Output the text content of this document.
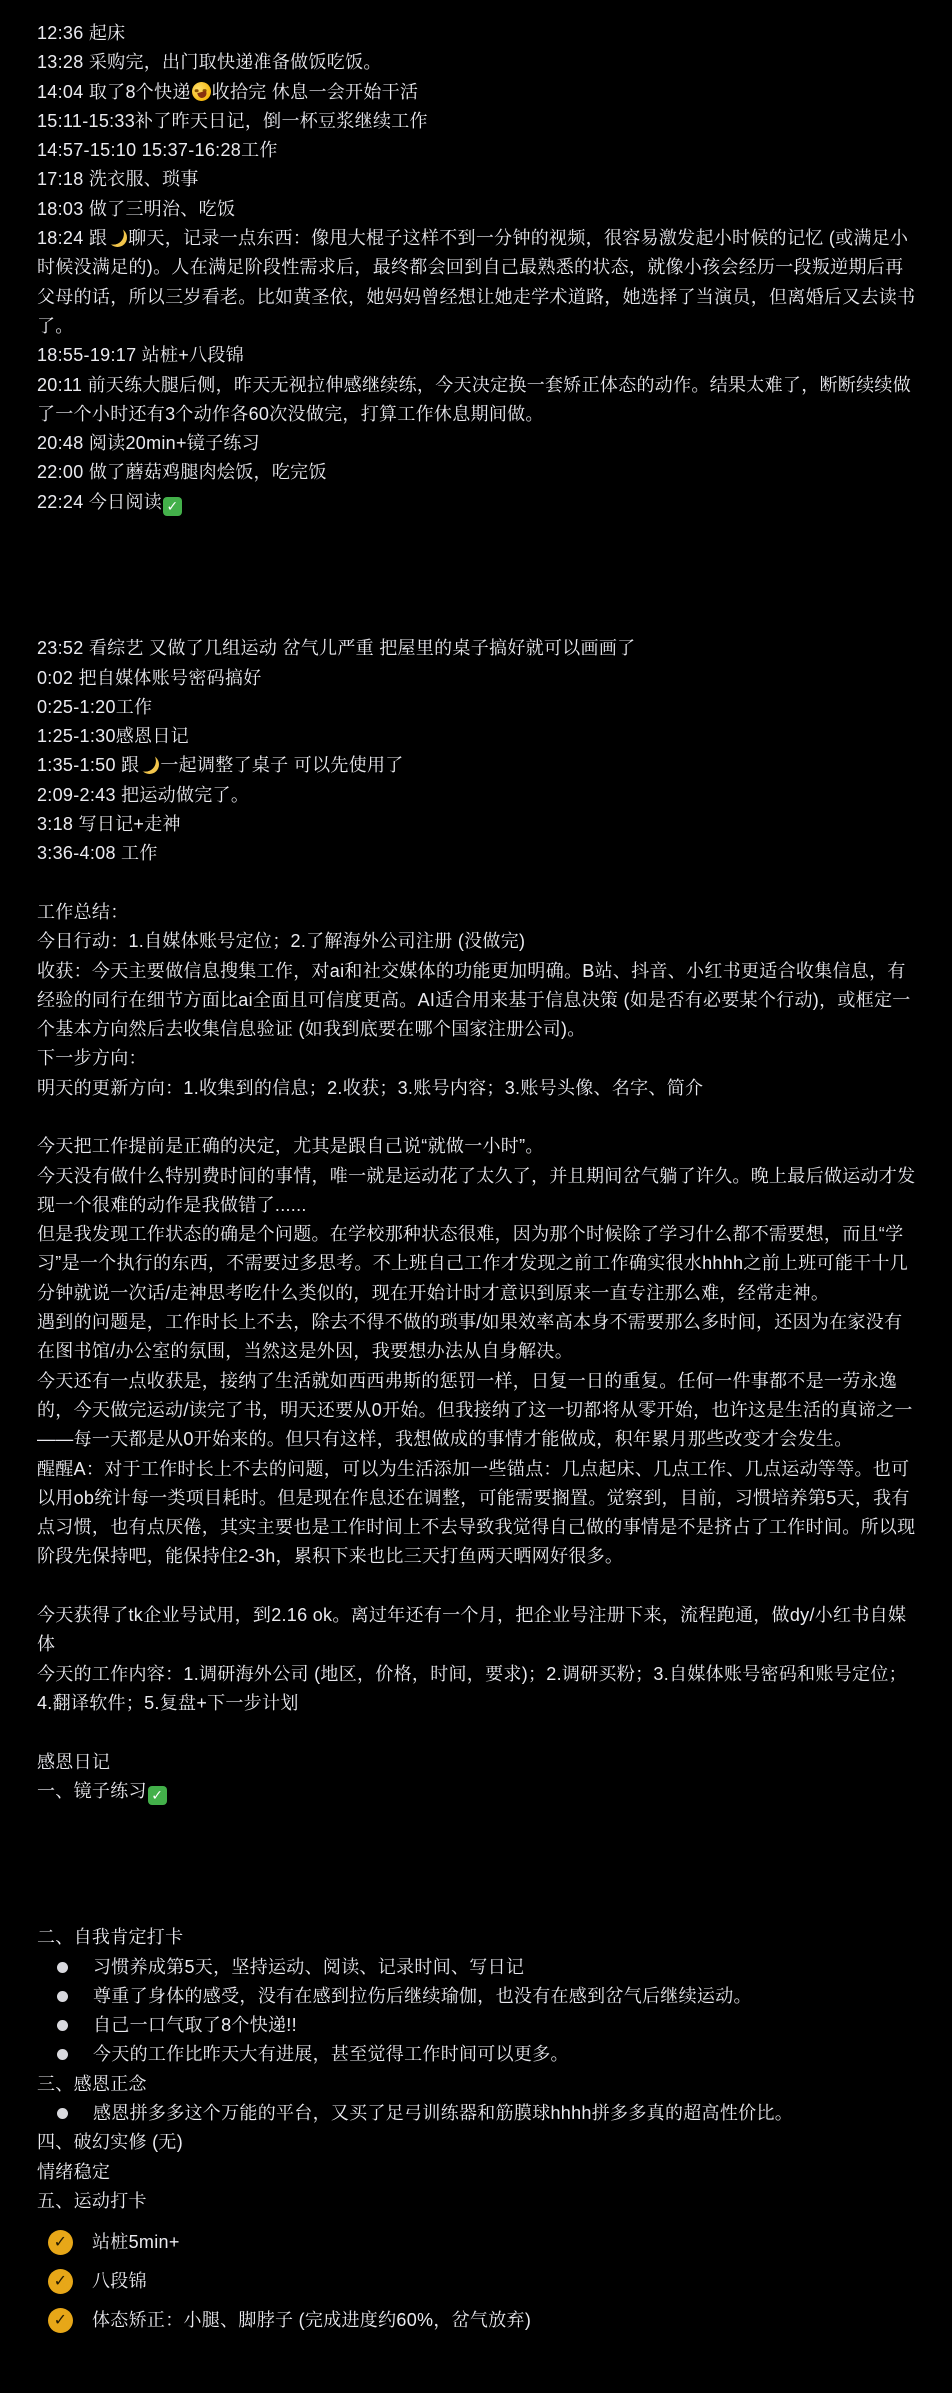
12:36 起床
13:28 采购完，出门取快递准备做饭吃饭。
14:04 取了8个快递 收拾完 休息一会开始干活
15:11-15:33补了昨天日记，倒一杯豆浆继续工作
14:57-15:10 15:37-16:28工作
17:18 洗衣服、琐事
18:03 做了三明治、吃饭
18:24 跟 聊天，记录一点东西：像甩大棍子这样不到一分钟的视频，很容易激发起小时候的记忆 (或满足小时候没满足的)。人在满足阶段性需求后，最终都会回到自己最熟悉的状态，就像小孩会经历一段叛逆期后再父母的话，所以三岁看老。比如黄圣依，她妈妈曾经想让她走学术道路，她选择了当演员，但离婚后又去读书了。
18:55-19:17 站桩+八段锦
20:11 前天练大腿后侧，昨天无视拉伸感继续练，今天决定换一套矫正体态的动作。结果太难了，断断续续做了一个小时还有3个动作各60次没做完，打算工作休息期间做。
20:48 阅读20min+镜子练习
22:00 做了蘑菇鸡腿肉烩饭，吃完饭
22:24 今日阅读✓
23:52 看综艺 又做了几组运动 岔气儿严重 把屋里的桌子搞好就可以画画了
0:02 把自媒体账号密码搞好
0:25-1:20工作
1:25-1:30感恩日记
1:35-1:50 跟 一起调整了桌子 可以先使用了
2:09-2:43 把运动做完了。
3:18 写日记+走神
3:36-4:08 工作
工作总结：
今日行动：1.自媒体账号定位；2.了解海外公司注册 (没做完)
收获：今天主要做信息搜集工作，对ai和社交媒体的功能更加明确。B站、抖音、小红书更适合收集信息，有经验的同行在细节方面比ai全面且可信度更高。AI适合用来基于信息决策 (如是否有必要某个行动)，或框定一个基本方向然后去收集信息验证 (如我到底要在哪个国家注册公司)。
下一步方向：
明天的更新方向：1.收集到的信息；2.收获；3.账号内容；3.账号头像、名字、简介
今天把工作提前是正确的决定，尤其是跟自己说“就做一小时”。
今天没有做什么特别费时间的事情，唯一就是运动花了太久了，并且期间岔气躺了许久。晚上最后做运动才发现一个很难的动作是我做错了......
但是我发现工作状态的确是个问题。在学校那种状态很难，因为那个时候除了学习什么都不需要想，而且“学习”是一个执行的东西，不需要过多思考。不上班自己工作才发现之前工作确实很水hhhh之前上班可能干十几分钟就说一次话/走神思考吃什么类似的，现在开始计时才意识到原来一直专注那么难，经常走神。
遇到的问题是，工作时长上不去，除去不得不做的琐事/如果效率高本身不需要那么多时间，还因为在家没有在图书馆/办公室的氛围，当然这是外因，我要想办法从自身解决。
今天还有一点收获是，接纳了生活就如西西弗斯的惩罚一样，日复一日的重复。任何一件事都不是一劳永逸的，今天做完运动/读完了书，明天还要从0开始。但我接纳了这一切都将从零开始，也许这是生活的真谛之一——每一天都是从0开始来的。但只有这样，我想做成的事情才能做成，积年累月那些改变才会发生。
醒醒A：对于工作时长上不去的问题，可以为生活添加一些锚点：几点起床、几点工作、几点运动等等。也可以用ob统计每一类项目耗时。但是现在作息还在调整，可能需要搁置。觉察到，目前，习惯培养第5天，我有点习惯，也有点厌倦，其实主要也是工作时间上不去导致我觉得自己做的事情是不是挤占了工作时间。所以现阶段先保持吧，能保持住2-3h，累积下来也比三天打鱼两天晒网好很多。
今天获得了tk企业号试用，到2.16 ok。离过年还有一个月，把企业号注册下来，流程跑通，做dy/小红书自媒体
今天的工作内容：1.调研海外公司 (地区，价格，时间，要求)；2.调研买粉；3.自媒体账号密码和账号定位；4.翻译软件；5.复盘+下一步计划
感恩日记
一、镜子练习✓
二、自我肯定打卡
习惯养成第5天，坚持运动、阅读、记录时间、写日记
尊重了身体的感受，没有在感到拉伤后继续瑜伽，也没有在感到岔气后继续运动。
自己一口气取了8个快递!!
今天的工作比昨天大有进展，甚至觉得工作时间可以更多。
三、感恩正念
感恩拼多多这个万能的平台，又买了足弓训练器和筋膜球hhhh拼多多真的超高性价比。
四、破幻实修 (无)
情绪稳定
五、运动打卡
✓	站桩5min+
✓	八段锦
✓	体态矫正：小腿、脚脖子 (完成进度约60%，岔气放弃)
